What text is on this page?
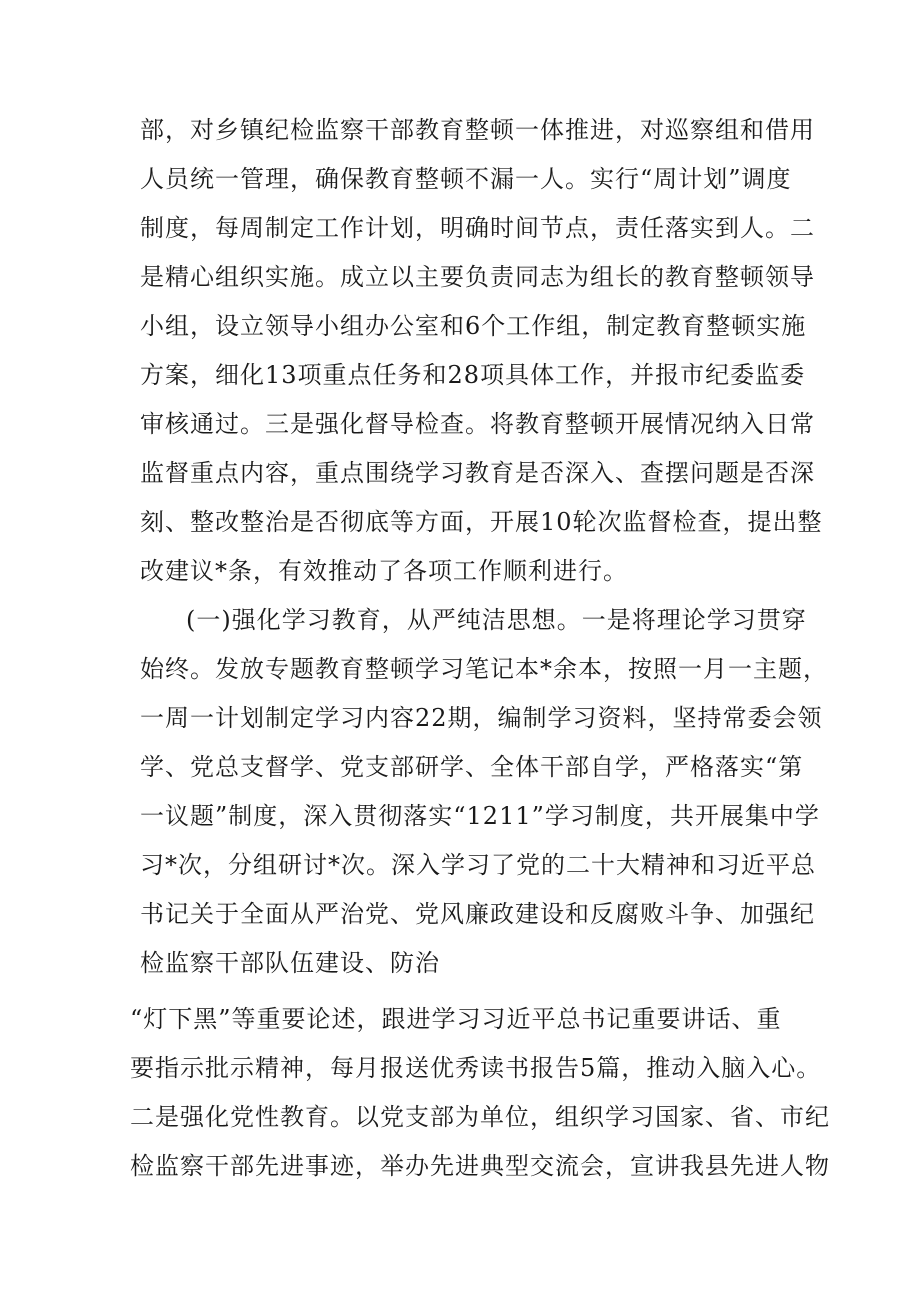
部，对乡镇纪检监察干部教育整顿一体推进，对巡察组和借用
人员统一管理，确保教育整顿不漏一人。实行“周计划”调度
制度，每周制定工作计划，明确时间节点，责任落实到人。二
是精心组织实施。成立以主要负责同志为组长的教育整顿领导
小组，设立领导小组办公室和6个工作组，制定教育整顿实施
方案，细化13项重点任务和28项具体工作，并报市纪委监委
审核通过。三是强化督导检查。将教育整顿开展情况纳入日常
监督重点内容，重点围绕学习教育是否深入、查摆问题是否深
刻、整改整治是否彻底等方面，开展10轮次监督检查，提出整
改建议*条，有效推动了各项工作顺利进行。
(一)强化学习教育，从严纯洁思想。一是将理论学习贯穿
始终。发放专题教育整顿学习笔记本*余本，按照一月一主题，
一周一计划制定学习内容22期，编制学习资料，坚持常委会领
学、党总支督学、党支部研学、全体干部自学，严格落实“第
一议题”制度，深入贯彻落实“1211”学习制度，共开展集中学
习*次，分组研讨*次。深入学习了党的二十大精神和习近平总
书记关于全面从严治党、党风廉政建设和反腐败斗争、加强纪
检监察干部队伍建设、防治
“灯下黑”等重要论述，跟进学习习近平总书记重要讲话、重
要指示批示精神，每月报送优秀读书报告5篇，推动入脑入心。
二是强化党性教育。以党支部为单位，组织学习国家、省、市纪
检监察干部先进事迹，举办先进典型交流会，宣讲我县先进人物
